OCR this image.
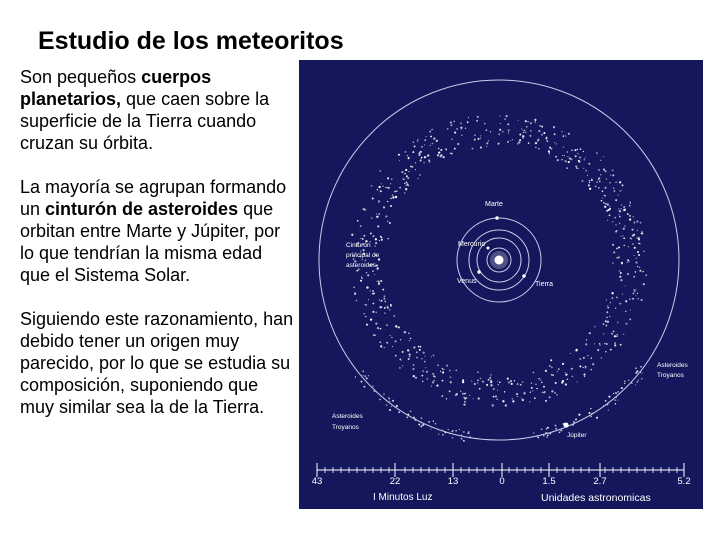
Estudio de los meteoritos

Son pequeños cuerpos planetarios, que caen sobre la superficie de la Tierra cuando cruzan su órbita.

La mayoría se agrupan formando un cinturón de asteroides que orbitan entre Marte y Júpiter, por lo que tendrían la misma edad que el Sistema Solar.

Siguiendo este razonamiento, han debido tener un origen muy parecido, por lo que se estudia su composición, suponiendo que muy similar sea la de la Tierra.

Marte
Mercurio
Venus	Tierra
Cinturón
principal de
asteroides
Asteroides
Troyanos
Asteroides
Troyanos
Júpiter
43	22	13	0	1.5	2.7	5.2
I Minutos Luz	Unidades astronomicas
